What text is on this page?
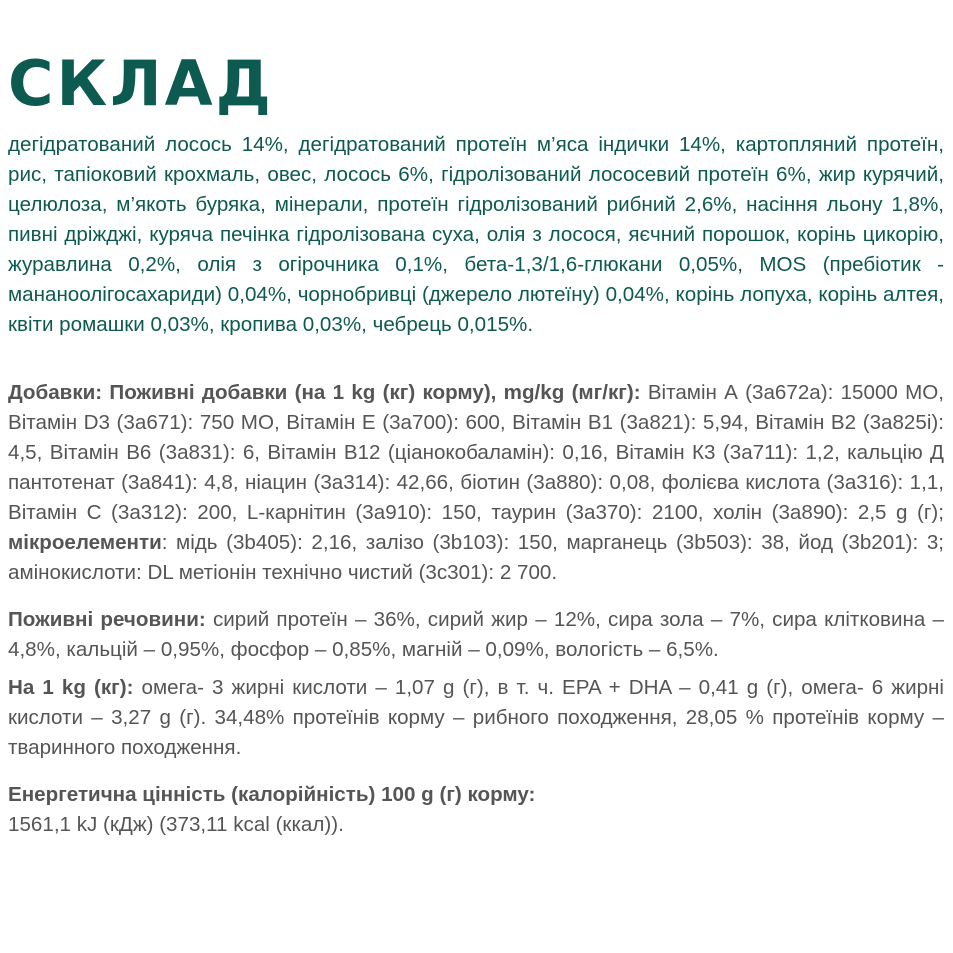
СКЛАД

дегідратований лосось 14%, дегідратований протеїн м’яса індички 14%, картопляний протеїн, рис, тапіоковий крохмаль, овес, лосось 6%, гідролізований лососевий протеїн 6%, жир курячий, целюлоза, м’якоть буряка, мінерали, протеїн гідролізований рибний 2,6%, насіння льону 1,8%, пивні дріжджі, куряча печінка гідролізована суха, олія з лосося, яєчний порошок, корінь цикорію, журавлина 0,2%, олія з огірочника 0,1%, бета-1,3/1,6-глюкани 0,05%, MOS (пребіотик - мананоолігосахариди) 0,04%, чорнобривці (джерело лютеїну) 0,04%, корінь лопуха, корінь алтея, квіти ромашки 0,03%, кропива 0,03%, чебрець 0,015%.

Добавки: Поживні добавки (на 1 kg (кг) корму), mg/kg (мг/кг): Вітамін А (3а672а): 15000 МО, Вітамін D3 (3а671): 750 МО, Вітамін Е (3а700): 600, Вітамін В1 (3а821): 5,94, Вітамін В2 (3а825і): 4,5, Вітамін В6 (3а831): 6, Вітамін В12 (ціанокобаламін): 0,16, Вітамін К3 (3а711): 1,2, кальцію Д пантотенат (3а841): 4,8, ніацин (3а314): 42,66, біотин (3а880): 0,08, фолієва кислота (3а316): 1,1, Вітамін С (3а312): 200, L-карнітин (3а910): 150, таурин (3а370): 2100, холін (3а890): 2,5 g (г); мікроелементи: мідь (3b405): 2,16, залізо (3b103): 150, марганець (3b503): 38, йод (3b201): 3; амінокислоти: DL метіонін технічно чистий (3с301): 2 700.

Поживні речовини: сирий протеїн – 36%, сирий жир – 12%, сира зола – 7%, сира клітковина – 4,8%, кальцій – 0,95%, фосфор – 0,85%, магній – 0,09%, вологість – 6,5%.

На 1 kg (кг): омега- 3 жирні кислоти – 1,07 g (г), в т. ч. EPA + DHA – 0,41 g (г), омега- 6 жирні кислоти – 3,27 g (г). 34,48% протеїнів корму – рибного походження, 28,05 % протеїнів корму – тваринного походження.

Енергетична цінність (калорійність) 100 g (г) корму:
1561,1 kJ (кДж) (373,11 kcal (ккал)).
